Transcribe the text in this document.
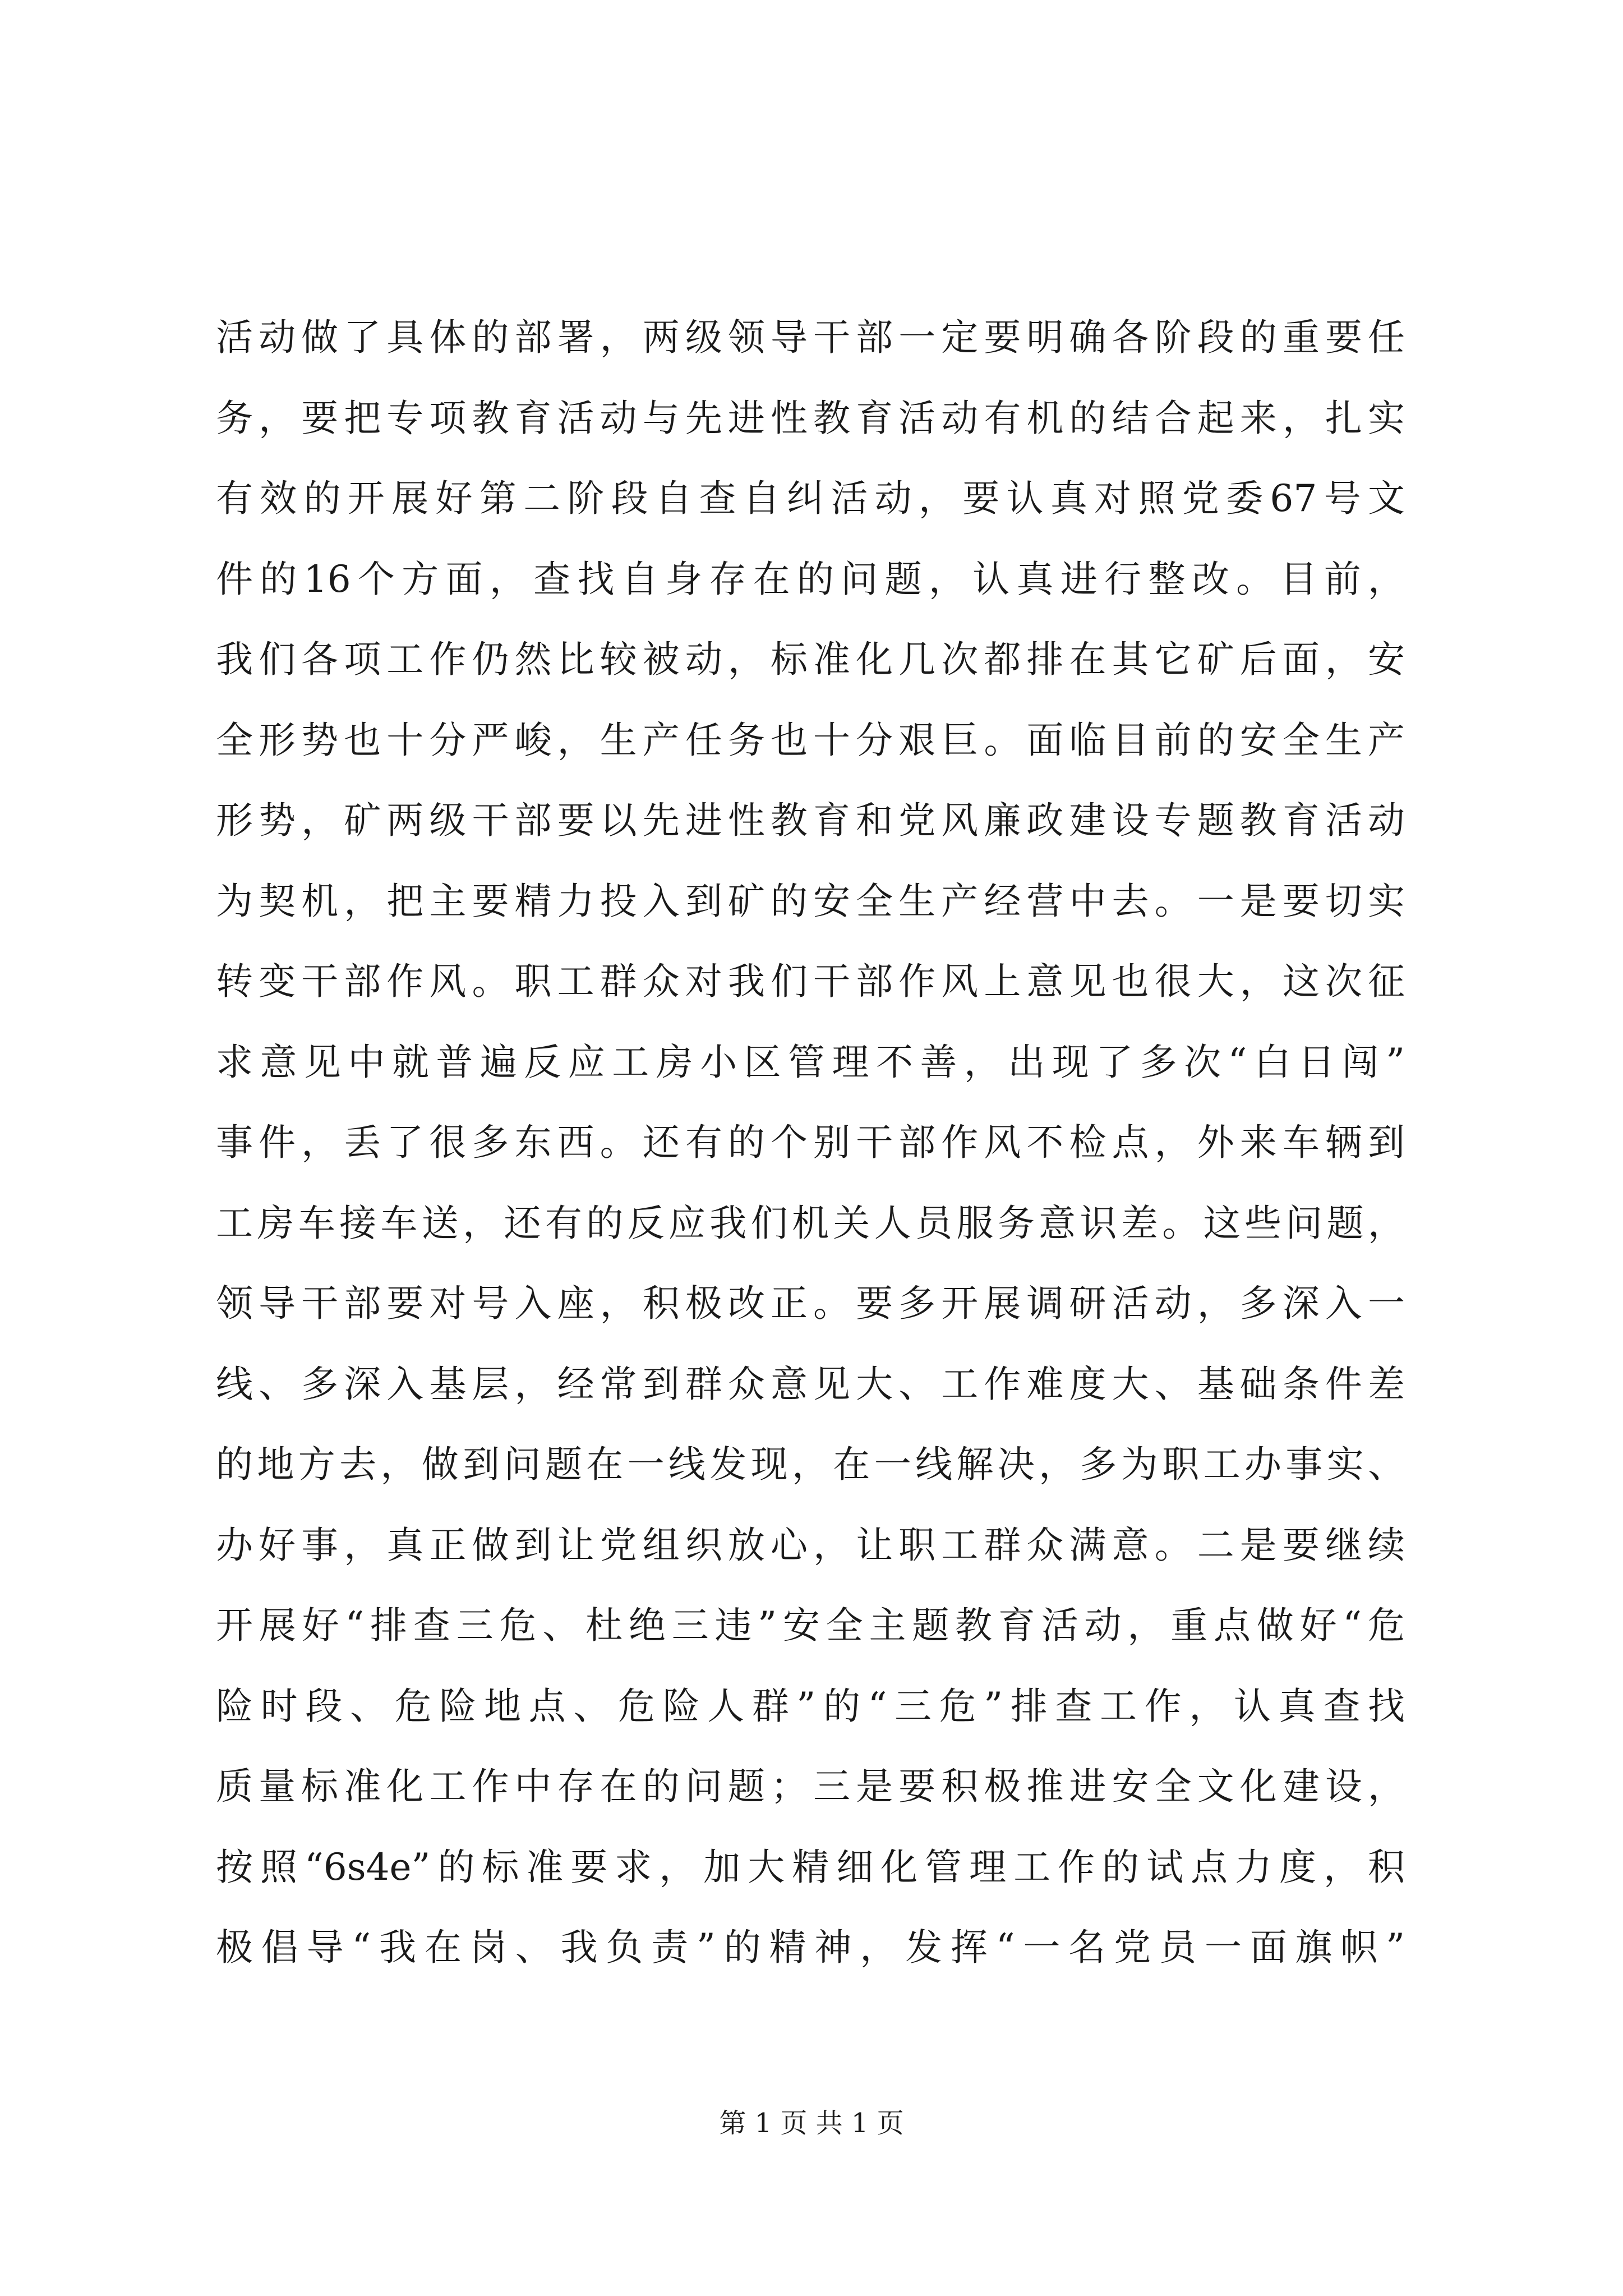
活动做了具体的部署，两级领导干部一定要明确各阶段的重要任
务，要把专项教育活动与先进性教育活动有机的结合起来，扎实
有效的开展好第二阶段自查自纠活动，要认真对照党委67号文
件的16个方面，查找自身存在的问题，认真进行整改。目前，
我们各项工作仍然比较被动，标准化几次都排在其它矿后面，安
全形势也十分严峻，生产任务也十分艰巨。面临目前的安全生产
形势，矿两级干部要以先进性教育和党风廉政建设专题教育活动
为契机，把主要精力投入到矿的安全生产经营中去。一是要切实
转变干部作风。职工群众对我们干部作风上意见也很大，这次征
求意见中就普遍反应工房小区管理不善，出现了多次“白日闯”
事件，丢了很多东西。还有的个别干部作风不检点，外来车辆到
工房车接车送，还有的反应我们机关人员服务意识差。这些问题，
领导干部要对号入座，积极改正。要多开展调研活动，多深入一
线、多深入基层，经常到群众意见大、工作难度大、基础条件差
的地方去，做到问题在一线发现，在一线解决，多为职工办事实、
办好事，真正做到让党组织放心，让职工群众满意。二是要继续
开展好“排查三危、杜绝三违”安全主题教育活动，重点做好“危
险时段、危险地点、危险人群”的“三危”排查工作，认真查找
质量标准化工作中存在的问题；三是要积极推进安全文化建设，
按照“6s4e”的标准要求，加大精细化管理工作的试点力度，积
极倡导“我在岗、我负责”的精神，发挥“一名党员一面旗帜”
第 1 页 共 1 页
